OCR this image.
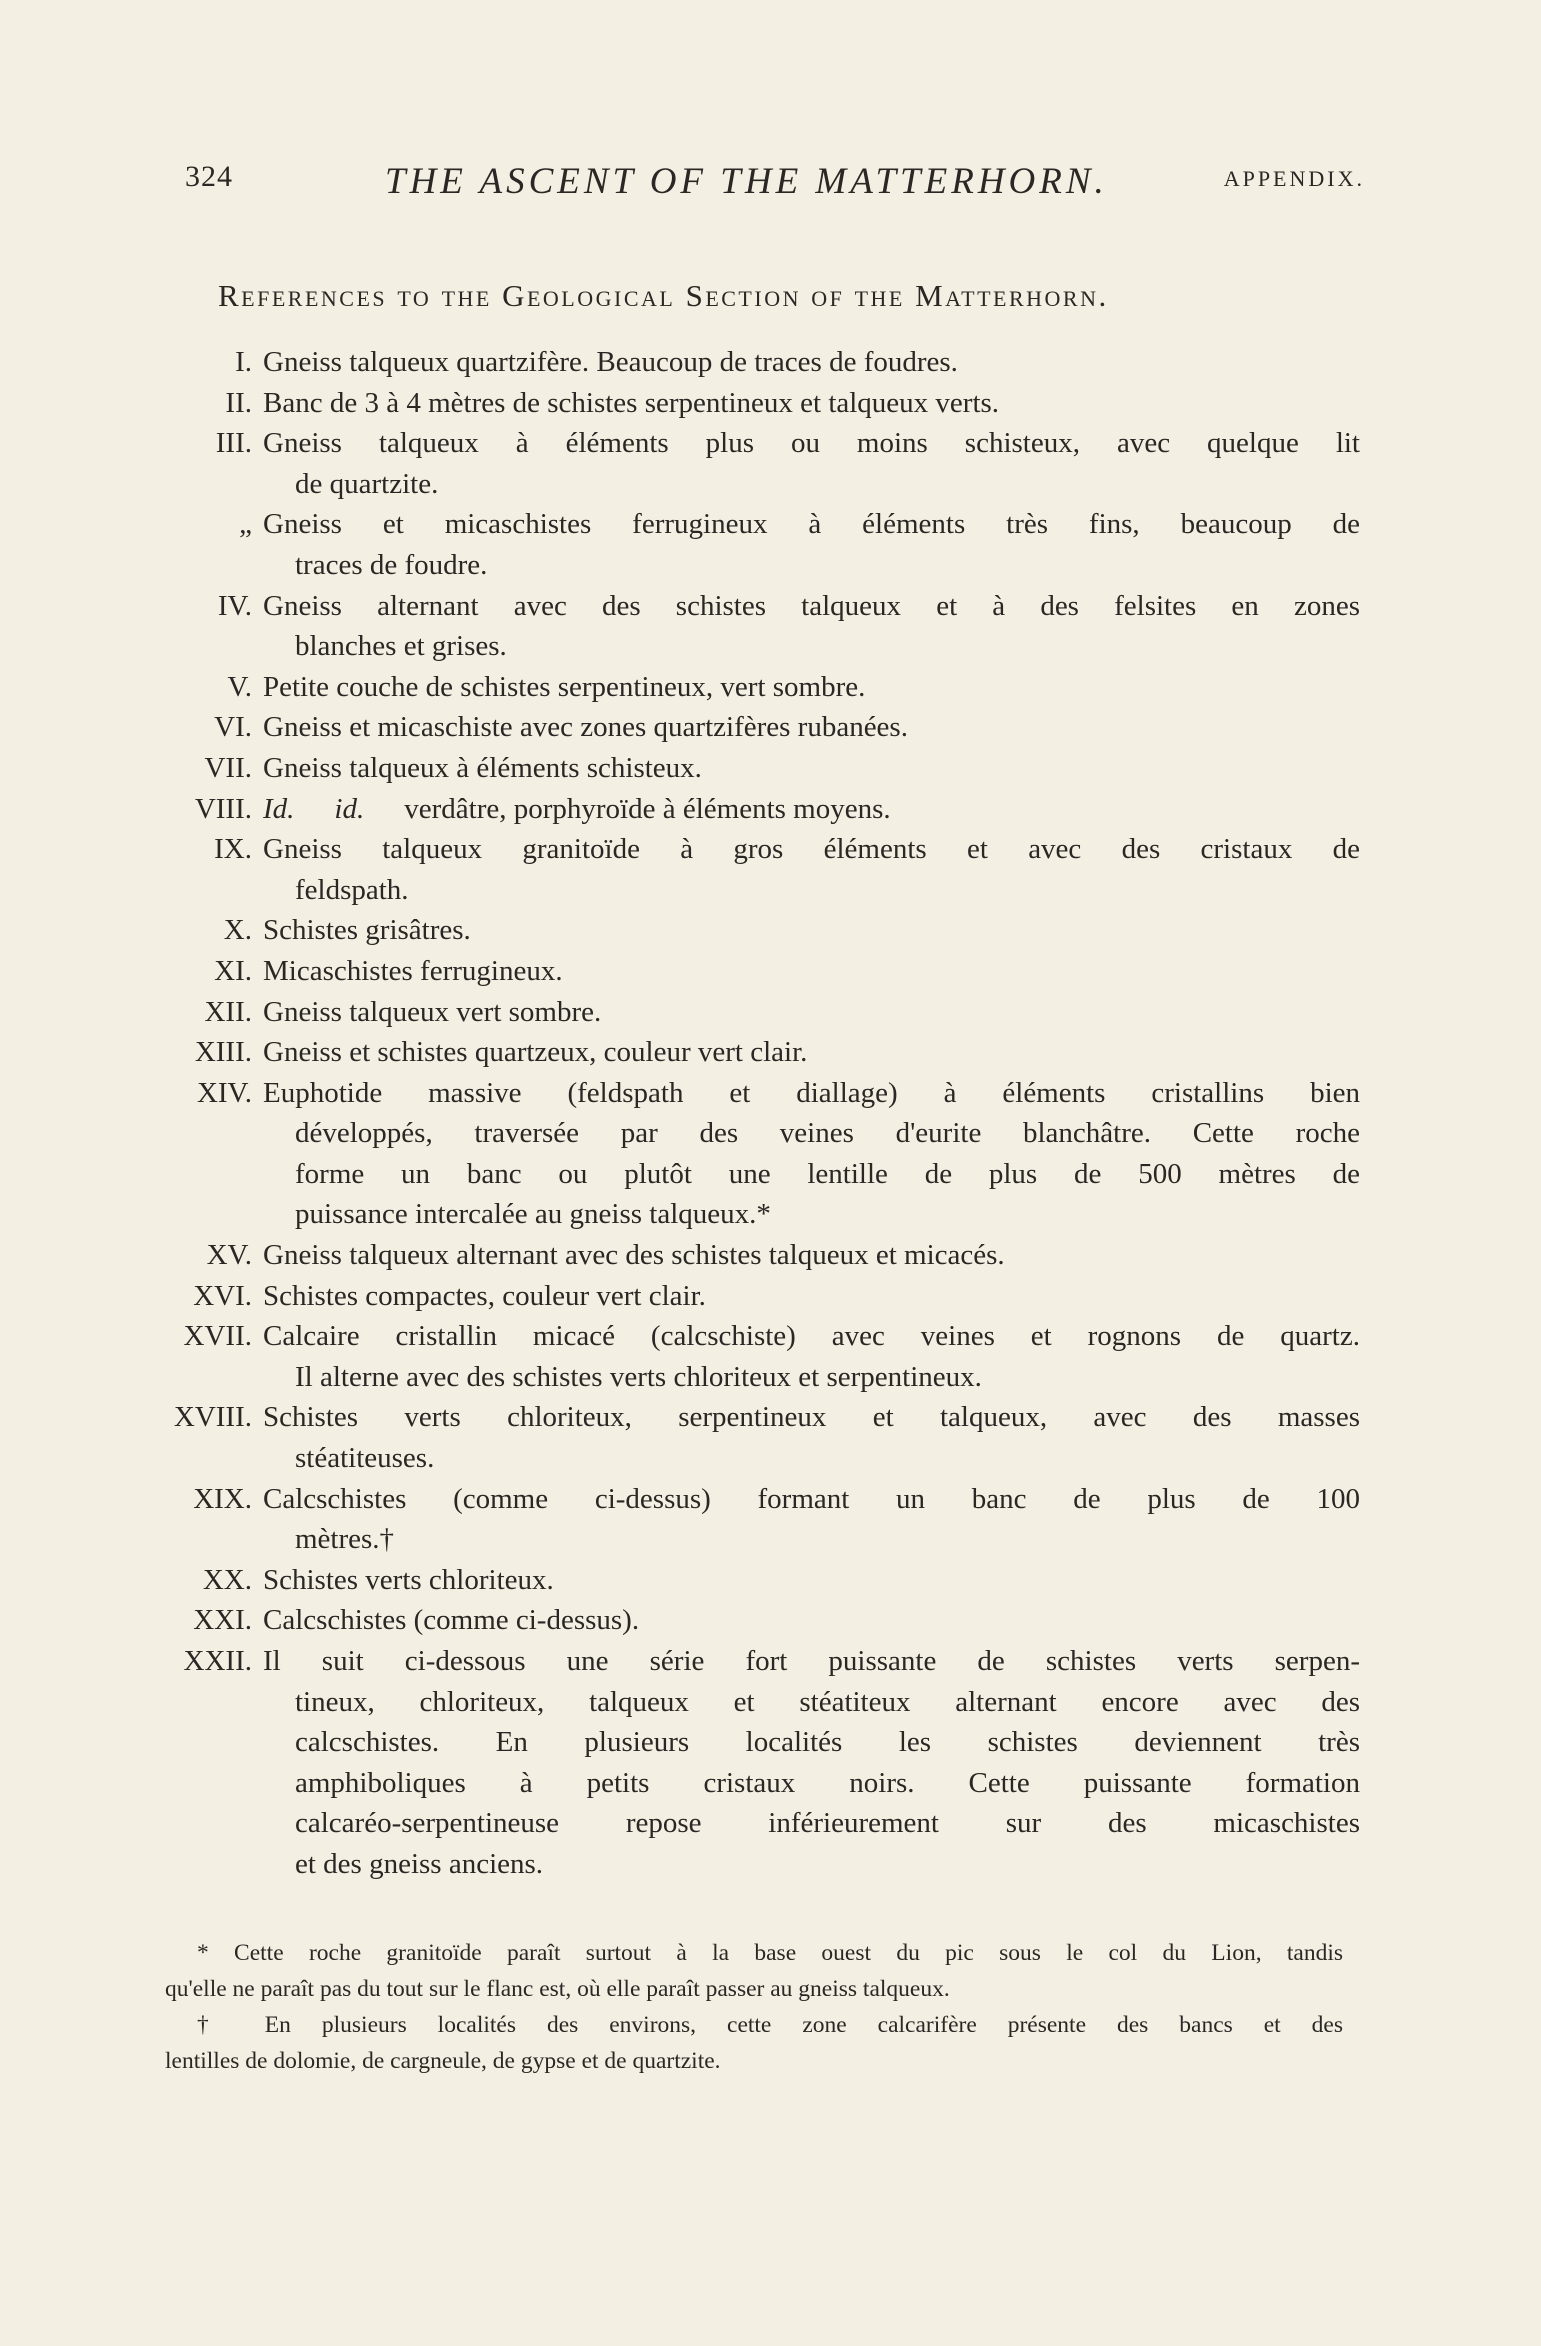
324	THE ASCENT OF THE MATTERHORN.	APPENDIX.
References to the Geological Section of the Matterhorn.
I. Gneiss talqueux quartzifère. Beaucoup de traces de foudres.
II. Banc de 3 à 4 mètres de schistes serpentineux et talqueux verts.
III. Gneiss talqueux à éléments plus ou moins schisteux, avec quelque lit
de quartzite.
„ Gneiss et micaschistes ferrugineux à éléments très fins, beaucoup de
traces de foudre.
IV. Gneiss alternant avec des schistes talqueux et à des felsites en zones
blanches et grises.
V. Petite couche de schistes serpentineux, vert sombre.
VI. Gneiss et micaschiste avec zones quartzifères rubanées.
VII. Gneiss talqueux à éléments schisteux.
VIII. Id. id. verdâtre, porphyroïde à éléments moyens.
IX. Gneiss talqueux granitoïde à gros éléments et avec des cristaux de
feldspath.
X. Schistes grisâtres.
XI. Micaschistes ferrugineux.
XII. Gneiss talqueux vert sombre.
XIII. Gneiss et schistes quartzeux, couleur vert clair.
XIV. Euphotide massive (feldspath et diallage) à éléments cristallins bien
développés, traversée par des veines d'eurite blanchâtre. Cette roche
forme un banc ou plutôt une lentille de plus de 500 mètres de
puissance intercalée au gneiss talqueux.*
XV. Gneiss talqueux alternant avec des schistes talqueux et micacés.
XVI. Schistes compactes, couleur vert clair.
XVII. Calcaire cristallin micacé (calcschiste) avec veines et rognons de quartz.
Il alterne avec des schistes verts chloriteux et serpentineux.
XVIII. Schistes verts chloriteux, serpentineux et talqueux, avec des masses
stéatiteuses.
XIX. Calcschistes (comme ci-dessus) formant un banc de plus de 100
mètres.†
XX. Schistes verts chloriteux.
XXI. Calcschistes (comme ci-dessus).
XXII. Il suit ci-dessous une série fort puissante de schistes verts serpen-
tineux, chloriteux, talqueux et stéatiteux alternant encore avec des
calcschistes. En plusieurs localités les schistes deviennent très
amphiboliques à petits cristaux noirs. Cette puissante formation
calcaréo-serpentineuse repose inférieurement sur des micaschistes
et des gneiss anciens.
* Cette roche granitoïde paraît surtout à la base ouest du pic sous le col du Lion, tandis
qu'elle ne paraît pas du tout sur le flanc est, où elle paraît passer au gneiss talqueux.
† En plusieurs localités des environs, cette zone calcarifère présente des bancs et des
lentilles de dolomie, de cargneule, de gypse et de quartzite.
